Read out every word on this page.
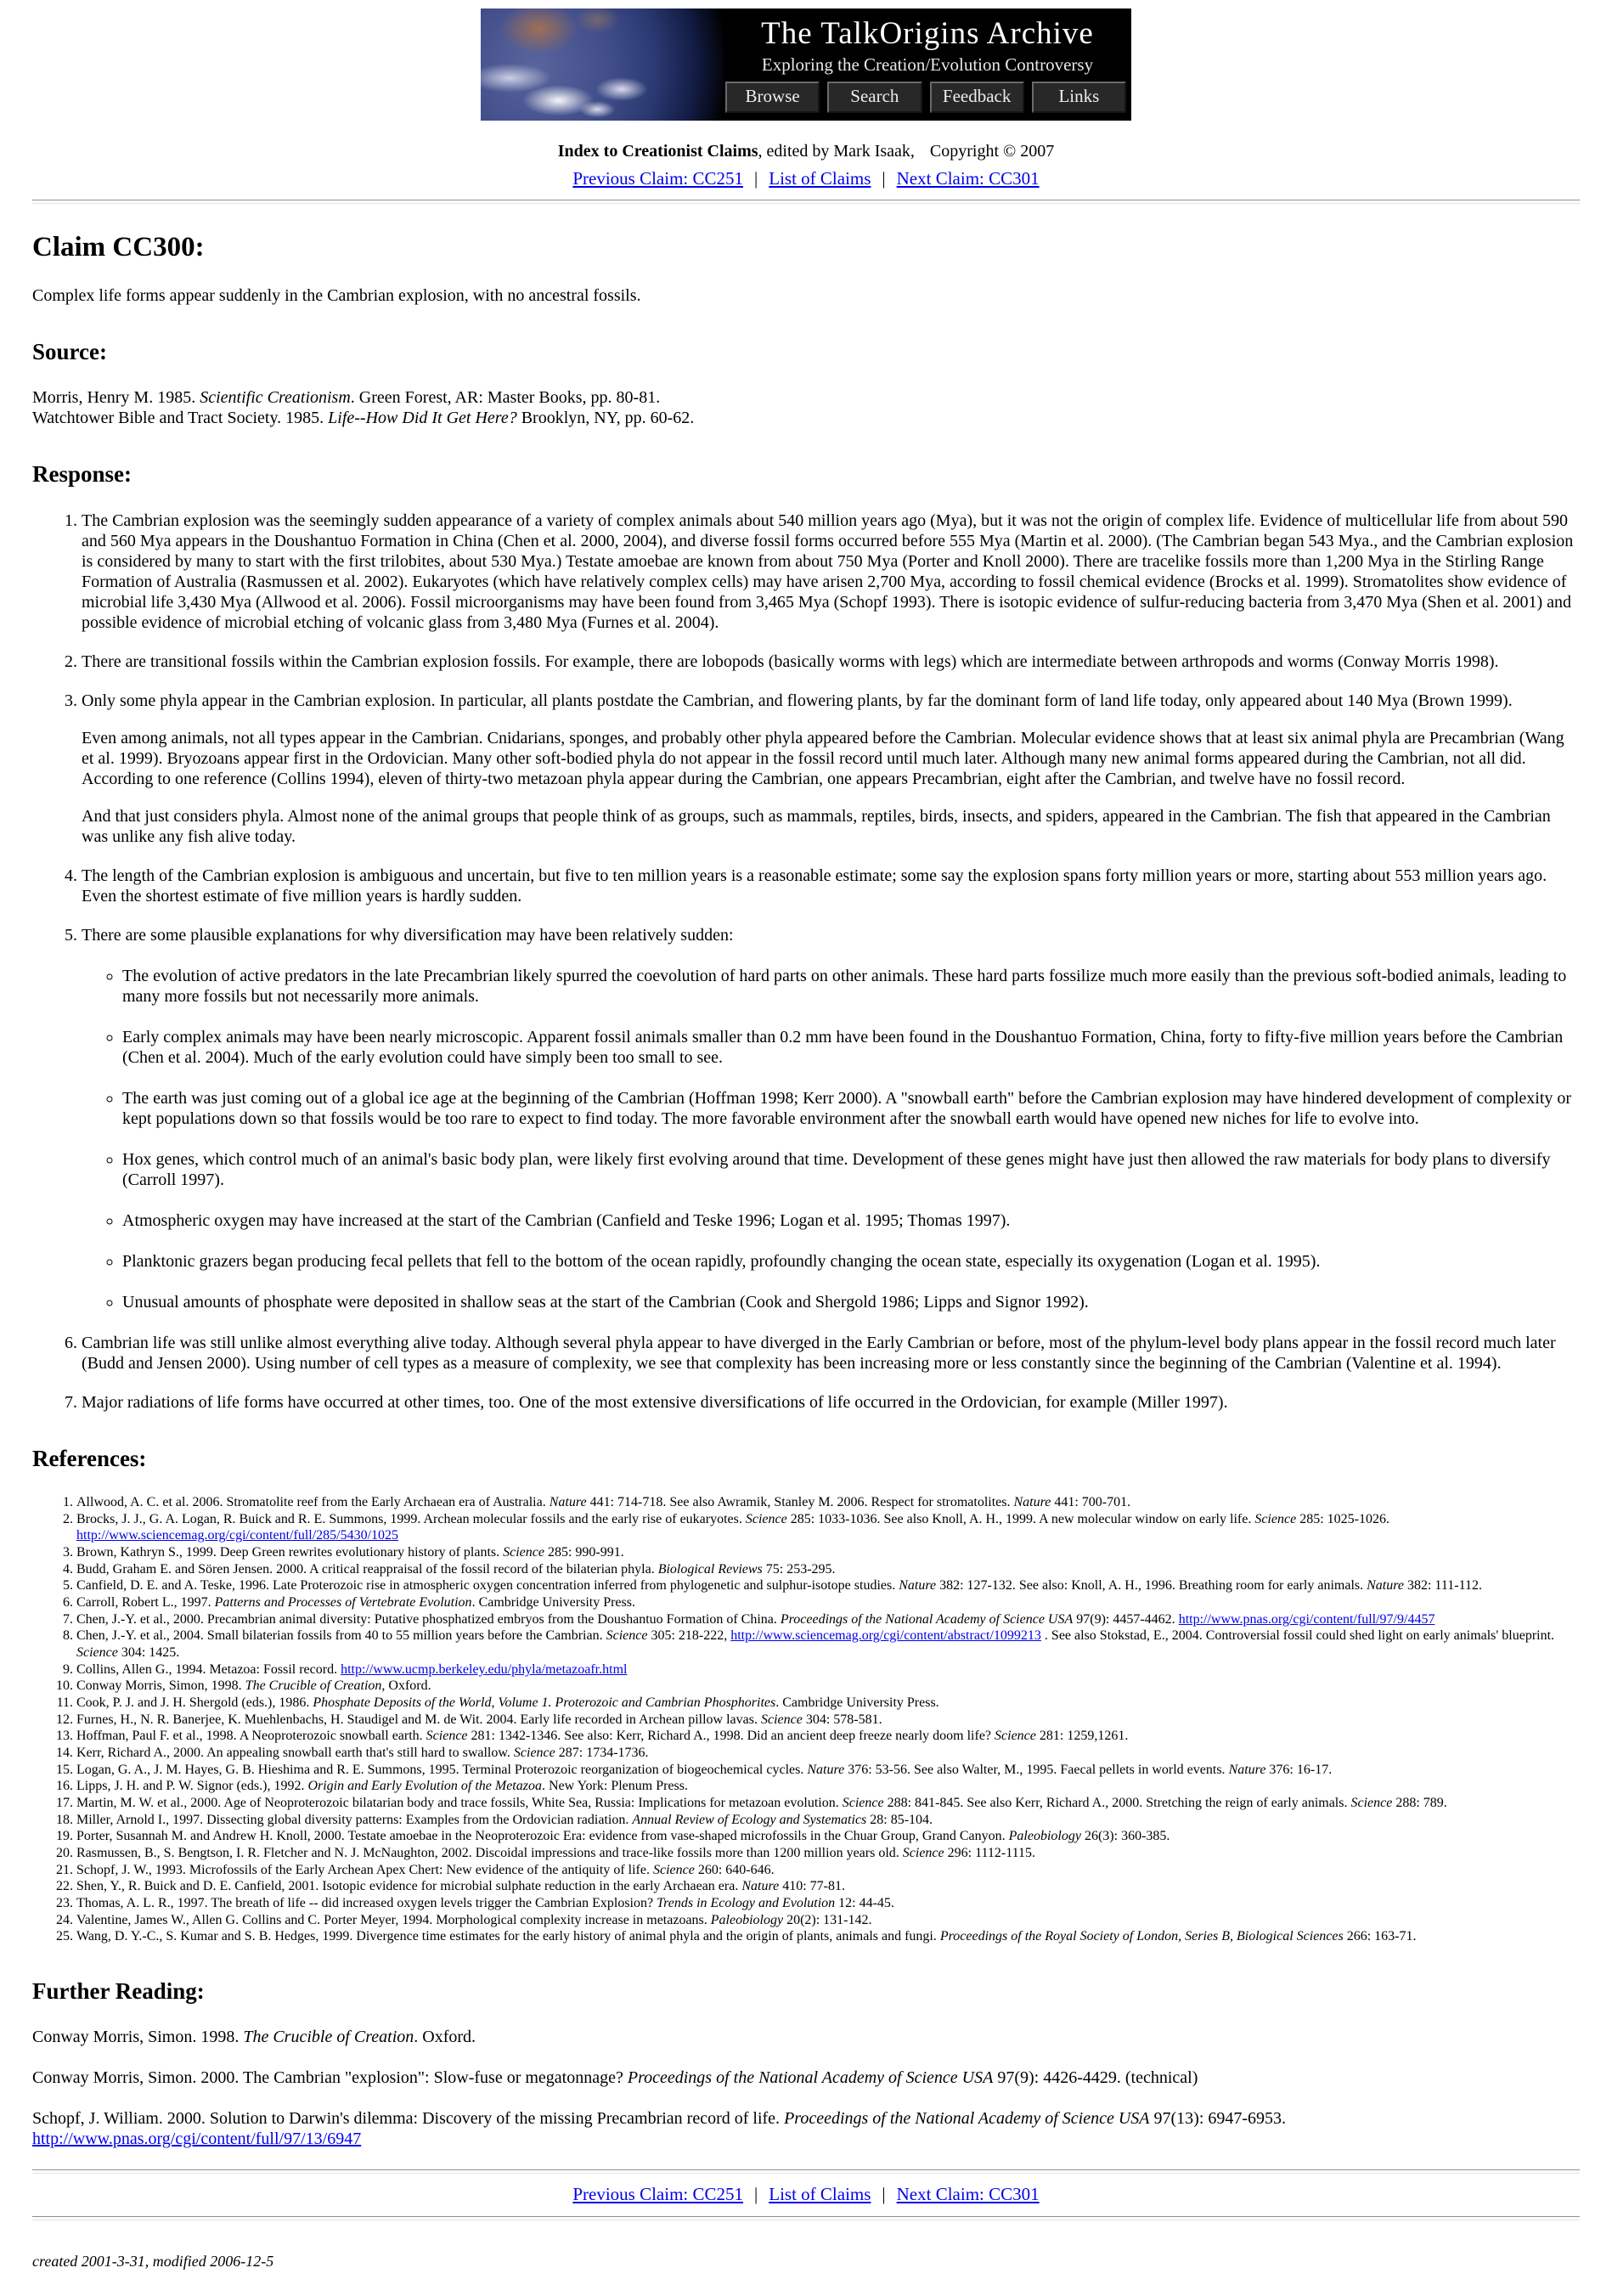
The TalkOrigins Archive
Exploring the Creation/Evolution Controversy
Browse	Search	Feedback	Links
Index to Creationist Claims, edited by Mark Isaak, Copyright © 2007
Previous Claim: CC251 | List of Claims | Next Claim: CC301
Claim CC300:

Complex life forms appear suddenly in the Cambrian explosion, with no ancestral fossils.

Source:
Morris, Henry M. 1985. Scientific Creationism. Green Forest, AR: Master Books, pp. 80-81.
Watchtower Bible and Tract Society. 1985. Life--How Did It Get Here? Brooklyn, NY, pp. 60-62.
Response:

1. The Cambrian explosion was the seemingly sudden appearance of a variety of complex animals about 540 million years ago (Mya), but it was not the origin of complex life. Evidence of multicellular life from about 590 and 560 Mya appears in the Doushantuo Formation in China (Chen et al. 2000, 2004), and diverse fossil forms occurred before 555 Mya (Martin et al. 2000). (The Cambrian began 543 Mya., and the Cambrian explosion is considered by many to start with the first trilobites, about 530 Mya.) Testate amoebae are known from about 750 Mya (Porter and Knoll 2000). There are tracelike fossils more than 1,200 Mya in the Stirling Range Formation of Australia (Rasmussen et al. 2002). Eukaryotes (which have relatively complex cells) may have arisen 2,700 Mya, according to fossil chemical evidence (Brocks et al. 1999). Stromatolites show evidence of microbial life 3,430 Mya (Allwood et al. 2006). Fossil microorganisms may have been found from 3,465 Mya (Schopf 1993). There is isotopic evidence of sulfur-reducing bacteria from 3,470 Mya (Shen et al. 2001) and possible evidence of microbial etching of volcanic glass from 3,480 Mya (Furnes et al. 2004).

2. There are transitional fossils within the Cambrian explosion fossils. For example, there are lobopods (basically worms with legs) which are intermediate between arthropods and worms (Conway Morris 1998).

3. Only some phyla appear in the Cambrian explosion. In particular, all plants postdate the Cambrian, and flowering plants, by far the dominant form of land life today, only appeared about 140 Mya (Brown 1999).

Even among animals, not all types appear in the Cambrian. Cnidarians, sponges, and probably other phyla appeared before the Cambrian. Molecular evidence shows that at least six animal phyla are Precambrian (Wang et al. 1999). Bryozoans appear first in the Ordovician. Many other soft-bodied phyla do not appear in the fossil record until much later. Although many new animal forms appeared during the Cambrian, not all did. According to one reference (Collins 1994), eleven of thirty-two metazoan phyla appear during the Cambrian, one appears Precambrian, eight after the Cambrian, and twelve have no fossil record.

And that just considers phyla. Almost none of the animal groups that people think of as groups, such as mammals, reptiles, birds, insects, and spiders, appeared in the Cambrian. The fish that appeared in the Cambrian was unlike any fish alive today.

4. The length of the Cambrian explosion is ambiguous and uncertain, but five to ten million years is a reasonable estimate; some say the explosion spans forty million years or more, starting about 553 million years ago. Even the shortest estimate of five million years is hardly sudden.

5. There are some plausible explanations for why diversification may have been relatively sudden:

◦ The evolution of active predators in the late Precambrian likely spurred the coevolution of hard parts on other animals. These hard parts fossilize much more easily than the previous soft-bodied animals, leading to many more fossils but not necessarily more animals.
◦ Early complex animals may have been nearly microscopic. Apparent fossil animals smaller than 0.2 mm have been found in the Doushantuo Formation, China, forty to fifty-five million years before the Cambrian (Chen et al. 2004). Much of the early evolution could have simply been too small to see.
◦ The earth was just coming out of a global ice age at the beginning of the Cambrian (Hoffman 1998; Kerr 2000). A "snowball earth" before the Cambrian explosion may have hindered development of complexity or kept populations down so that fossils would be too rare to expect to find today. The more favorable environment after the snowball earth would have opened new niches for life to evolve into.
◦ Hox genes, which control much of an animal's basic body plan, were likely first evolving around that time. Development of these genes might have just then allowed the raw materials for body plans to diversify (Carroll 1997).
◦ Atmospheric oxygen may have increased at the start of the Cambrian (Canfield and Teske 1996; Logan et al. 1995; Thomas 1997).
◦ Planktonic grazers began producing fecal pellets that fell to the bottom of the ocean rapidly, profoundly changing the ocean state, especially its oxygenation (Logan et al. 1995).
◦ Unusual amounts of phosphate were deposited in shallow seas at the start of the Cambrian (Cook and Shergold 1986; Lipps and Signor 1992).

6. Cambrian life was still unlike almost everything alive today. Although several phyla appear to have diverged in the Early Cambrian or before, most of the phylum-level body plans appear in the fossil record much later (Budd and Jensen 2000). Using number of cell types as a measure of complexity, we see that complexity has been increasing more or less constantly since the beginning of the Cambrian (Valentine et al. 1994).

7. Major radiations of life forms have occurred at other times, too. One of the most extensive diversifications of life occurred in the Ordovician, for example (Miller 1997).

References:
1. Allwood, A. C. et al. 2006. Stromatolite reef from the Early Archaean era of Australia. Nature 441: 714-718. See also Awramik, Stanley M. 2006. Respect for stromatolites. Nature 441: 700-701.
2. Brocks, J. J., G. A. Logan, R. Buick and R. E. Summons, 1999. Archean molecular fossils and the early rise of eukaryotes. Science 285: 1033-1036. See also Knoll, A. H., 1999. A new molecular window on early life. Science 285: 1025-1026. http://www.sciencemag.org/cgi/content/full/285/5430/1025
3. Brown, Kathryn S., 1999. Deep Green rewrites evolutionary history of plants. Science 285: 990-991.
4. Budd, Graham E. and Sören Jensen. 2000. A critical reappraisal of the fossil record of the bilaterian phyla. Biological Reviews 75: 253-295.
5. Canfield, D. E. and A. Teske, 1996. Late Proterozoic rise in atmospheric oxygen concentration inferred from phylogenetic and sulphur-isotope studies. Nature 382: 127-132. See also: Knoll, A. H., 1996. Breathing room for early animals. Nature 382: 111-112.
6. Carroll, Robert L., 1997. Patterns and Processes of Vertebrate Evolution. Cambridge University Press.
7. Chen, J.-Y. et al., 2000. Precambrian animal diversity: Putative phosphatized embryos from the Doushantuo Formation of China. Proceedings of the National Academy of Science USA 97(9): 4457-4462. http://www.pnas.org/cgi/content/full/97/9/4457
8. Chen, J.-Y. et al., 2004. Small bilaterian fossils from 40 to 55 million years before the Cambrian. Science 305: 218-222, http://www.sciencemag.org/cgi/content/abstract/1099213 . See also Stokstad, E., 2004. Controversial fossil could shed light on early animals' blueprint. Science 304: 1425.
9. Collins, Allen G., 1994. Metazoa: Fossil record. http://www.ucmp.berkeley.edu/phyla/metazoafr.html
10. Conway Morris, Simon, 1998. The Crucible of Creation, Oxford.
11. Cook, P. J. and J. H. Shergold (eds.), 1986. Phosphate Deposits of the World, Volume 1. Proterozoic and Cambrian Phosphorites. Cambridge University Press.
12. Furnes, H., N. R. Banerjee, K. Muehlenbachs, H. Staudigel and M. de Wit. 2004. Early life recorded in Archean pillow lavas. Science 304: 578-581.
13. Hoffman, Paul F. et al., 1998. A Neoproterozoic snowball earth. Science 281: 1342-1346. See also: Kerr, Richard A., 1998. Did an ancient deep freeze nearly doom life? Science 281: 1259,1261.
14. Kerr, Richard A., 2000. An appealing snowball earth that's still hard to swallow. Science 287: 1734-1736.
15. Logan, G. A., J. M. Hayes, G. B. Hieshima and R. E. Summons, 1995. Terminal Proterozoic reorganization of biogeochemical cycles. Nature 376: 53-56. See also Walter, M., 1995. Faecal pellets in world events. Nature 376: 16-17.
16. Lipps, J. H. and P. W. Signor (eds.), 1992. Origin and Early Evolution of the Metazoa. New York: Plenum Press.
17. Martin, M. W. et al., 2000. Age of Neoproterozoic bilatarian body and trace fossils, White Sea, Russia: Implications for metazoan evolution. Science 288: 841-845. See also Kerr, Richard A., 2000. Stretching the reign of early animals. Science 288: 789.
18. Miller, Arnold I., 1997. Dissecting global diversity patterns: Examples from the Ordovician radiation. Annual Review of Ecology and Systematics 28: 85-104.
19. Porter, Susannah M. and Andrew H. Knoll, 2000. Testate amoebae in the Neoproterozoic Era: evidence from vase-shaped microfossils in the Chuar Group, Grand Canyon. Paleobiology 26(3): 360-385.
20. Rasmussen, B., S. Bengtson, I. R. Fletcher and N. J. McNaughton, 2002. Discoidal impressions and trace-like fossils more than 1200 million years old. Science 296: 1112-1115.
21. Schopf, J. W., 1993. Microfossils of the Early Archean Apex Chert: New evidence of the antiquity of life. Science 260: 640-646.
22. Shen, Y., R. Buick and D. E. Canfield, 2001. Isotopic evidence for microbial sulphate reduction in the early Archaean era. Nature 410: 77-81.
23. Thomas, A. L. R., 1997. The breath of life -- did increased oxygen levels trigger the Cambrian Explosion? Trends in Ecology and Evolution 12: 44-45.
24. Valentine, James W., Allen G. Collins and C. Porter Meyer, 1994. Morphological complexity increase in metazoans. Paleobiology 20(2): 131-142.
25. Wang, D. Y.-C., S. Kumar and S. B. Hedges, 1999. Divergence time estimates for the early history of animal phyla and the origin of plants, animals and fungi. Proceedings of the Royal Society of London, Series B, Biological Sciences 266: 163-71.
Further Reading:

Conway Morris, Simon. 1998. The Crucible of Creation. Oxford.

Conway Morris, Simon. 2000. The Cambrian "explosion": Slow-fuse or megatonnage? Proceedings of the National Academy of Science USA 97(9): 4426-4429. (technical)

Schopf, J. William. 2000. Solution to Darwin's dilemma: Discovery of the missing Precambrian record of life. Proceedings of the National Academy of Science USA 97(13): 6947-6953. http://www.pnas.org/cgi/content/full/97/13/6947

Previous Claim: CC251 | List of Claims | Next Claim: CC301
created 2001-3-31, modified 2006-12-5
